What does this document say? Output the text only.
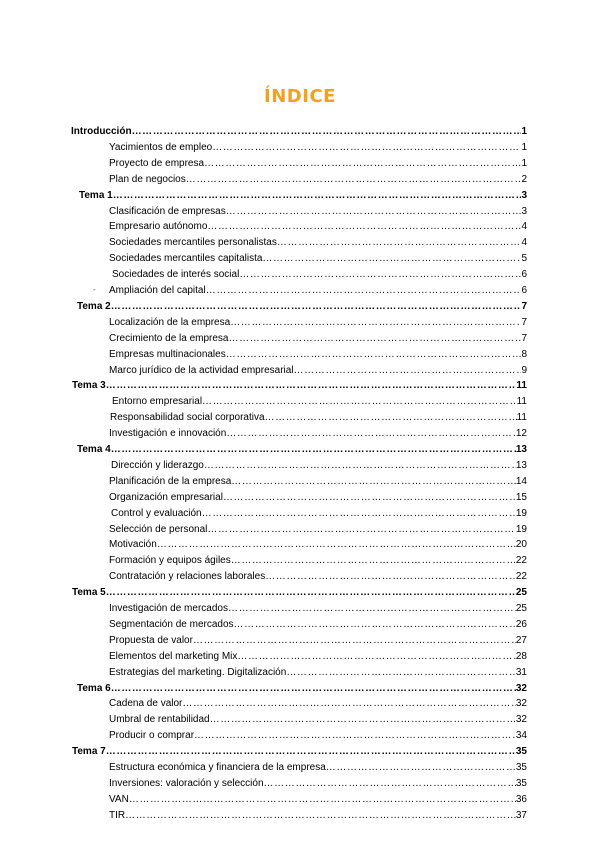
ÍNDICE
Introducción …………………………………………………………………………………………………………………………………………………………………………………	1
Yacimientos de empleo …………………………………………………………………………………………………………………………………………………………………………………	1
Proyecto de empresa …………………………………………………………………………………………………………………………………………………………………………………	1
Plan de negocios …………………………………………………………………………………………………………………………………………………………………………………	2
Tema 1 …………………………………………………………………………………………………………………………………………………………………………………	3
Clasificación de empresas …………………………………………………………………………………………………………………………………………………………………………………	3
Empresario autónomo …………………………………………………………………………………………………………………………………………………………………………………	4
Sociedades mercantiles personalistas …………………………………………………………………………………………………………………………………………………………………………………	4
Sociedades mercantiles capitalista …………………………………………………………………………………………………………………………………………………………………………………	5
Sociedades de interés social …………………………………………………………………………………………………………………………………………………………………………………	6
Ampliación del capital …………………………………………………………………………………………………………………………………………………………………………………	6
-
Tema 2 …………………………………………………………………………………………………………………………………………………………………………………	7
Localización de la empresa …………………………………………………………………………………………………………………………………………………………………………………	7
Crecimiento de la empresa …………………………………………………………………………………………………………………………………………………………………………………	7
Empresas multinacionales …………………………………………………………………………………………………………………………………………………………………………………	8
Marco jurídico de la actividad empresarial …………………………………………………………………………………………………………………………………………………………………………………	9
Tema 3 …………………………………………………………………………………………………………………………………………………………………………………	11
Entorno empresarial …………………………………………………………………………………………………………………………………………………………………………………	11
Responsabilidad social corporativa …………………………………………………………………………………………………………………………………………………………………………………	11
Investigación e innovación …………………………………………………………………………………………………………………………………………………………………………………	12
Tema 4 …………………………………………………………………………………………………………………………………………………………………………………	13
Dirección y liderazgo …………………………………………………………………………………………………………………………………………………………………………………	13
Planificación de la empresa …………………………………………………………………………………………………………………………………………………………………………………	14
Organización empresarial …………………………………………………………………………………………………………………………………………………………………………………	15
Control y evaluación …………………………………………………………………………………………………………………………………………………………………………………	19
Selección de personal …………………………………………………………………………………………………………………………………………………………………………………	19
Motivación …………………………………………………………………………………………………………………………………………………………………………………	20
Formación y equipos ágiles …………………………………………………………………………………………………………………………………………………………………………………	22
Contratación y relaciones laborales …………………………………………………………………………………………………………………………………………………………………………………	22
Tema 5 …………………………………………………………………………………………………………………………………………………………………………………	25
Investigación de mercados …………………………………………………………………………………………………………………………………………………………………………………	25
Segmentación de mercados …………………………………………………………………………………………………………………………………………………………………………………	26
Propuesta de valor …………………………………………………………………………………………………………………………………………………………………………………	27
Elementos del marketing Mix …………………………………………………………………………………………………………………………………………………………………………………	28
Estrategias del marketing. Digitalización …………………………………………………………………………………………………………………………………………………………………………………	31
Tema 6 …………………………………………………………………………………………………………………………………………………………………………………	32
Cadena de valor …………………………………………………………………………………………………………………………………………………………………………………	32
Umbral de rentabilidad …………………………………………………………………………………………………………………………………………………………………………………	32
Producir o comprar …………………………………………………………………………………………………………………………………………………………………………………	34
Tema 7 …………………………………………………………………………………………………………………………………………………………………………………	35
Estructura económica y financiera de la empresa …………………………………………………………………………………………………………………………………………………………………………………	35
Inversiones: valoración y selección …………………………………………………………………………………………………………………………………………………………………………………	35
VAN …………………………………………………………………………………………………………………………………………………………………………………	36
TIR …………………………………………………………………………………………………………………………………………………………………………………	37
